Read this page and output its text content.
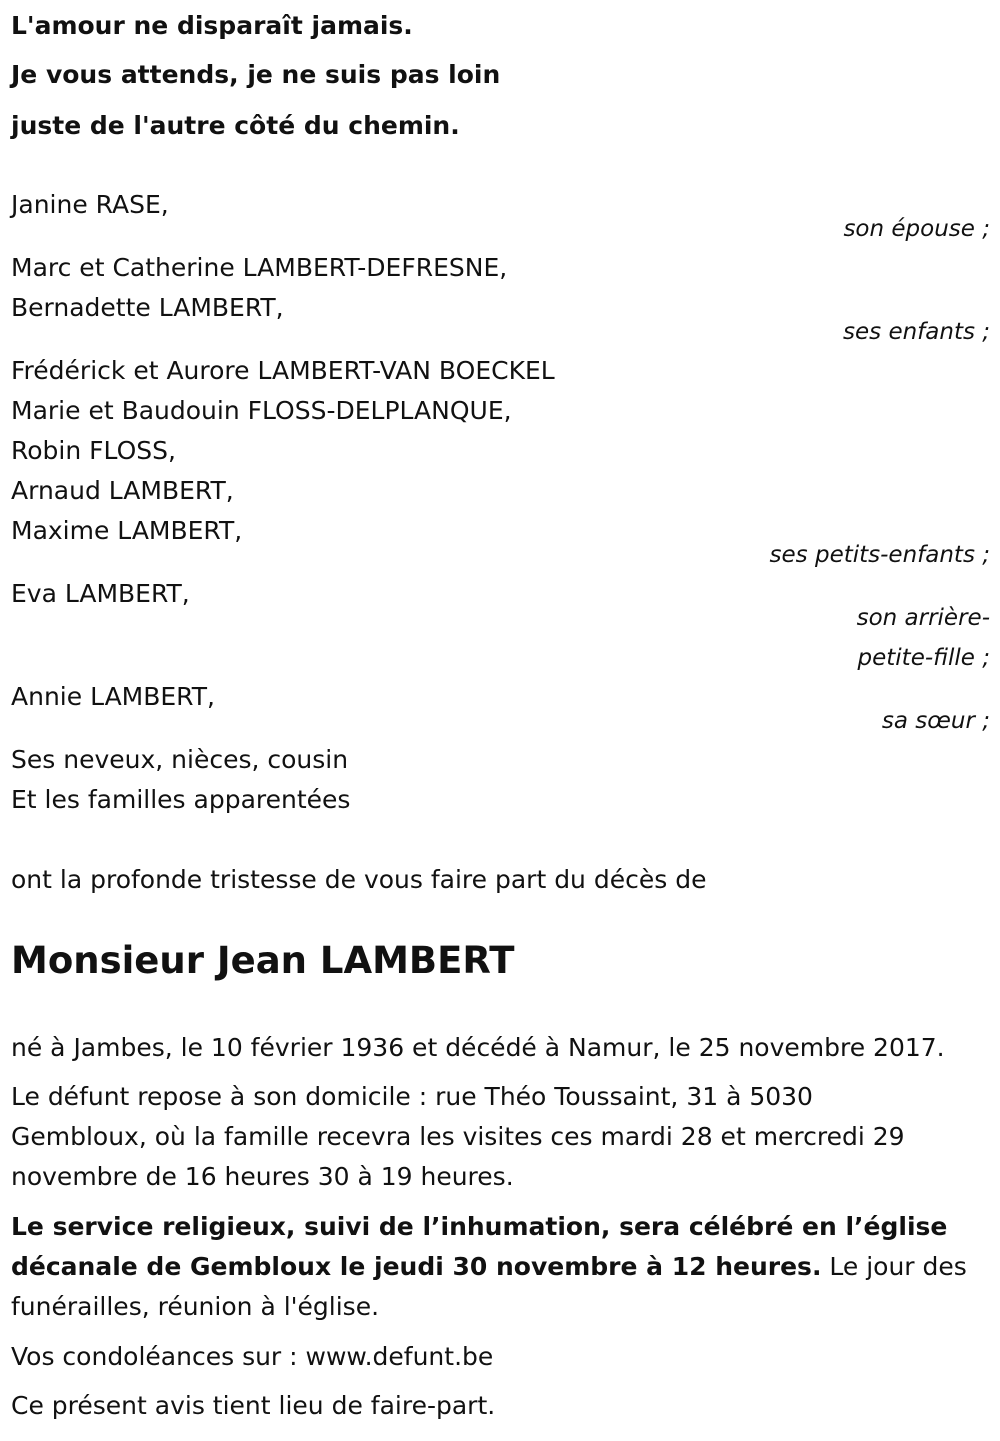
L'amour ne disparaît jamais.

Je vous attends, je ne suis pas loin

juste de l'autre côté du chemin.

Janine RASE,

son épouse ;

Marc et Catherine LAMBERT-DEFRESNE,

Bernadette LAMBERT,

ses enfants ;

Frédérick et Aurore LAMBERT-VAN BOECKEL

Marie et Baudouin FLOSS-DELPLANQUE,

Robin FLOSS,

Arnaud LAMBERT,

Maxime LAMBERT,

ses petits-enfants ;

Eva LAMBERT,

son arrière-

petite-fille ;

Annie LAMBERT,

sa sœur ;

Ses neveux, nièces, cousin

Et les familles apparentées

ont la profonde tristesse de vous faire part du décès de

Monsieur Jean LAMBERT

né à Jambes, le 10 février 1936 et décédé à Namur, le 25 novembre 2017.

Le défunt repose à son domicile : rue Théo Toussaint, 31 à 5030

Gembloux, où la famille recevra les visites ces mardi 28 et mercredi 29

novembre de 16 heures 30 à 19 heures.

Le service religieux, suivi de l’inhumation, sera célébré en l’église

décanale de Gembloux le jeudi 30 novembre à 12 heures. Le jour des

funérailles, réunion à l'église.

Vos condoléances sur : www.defunt.be

Ce présent avis tient lieu de faire-part.
